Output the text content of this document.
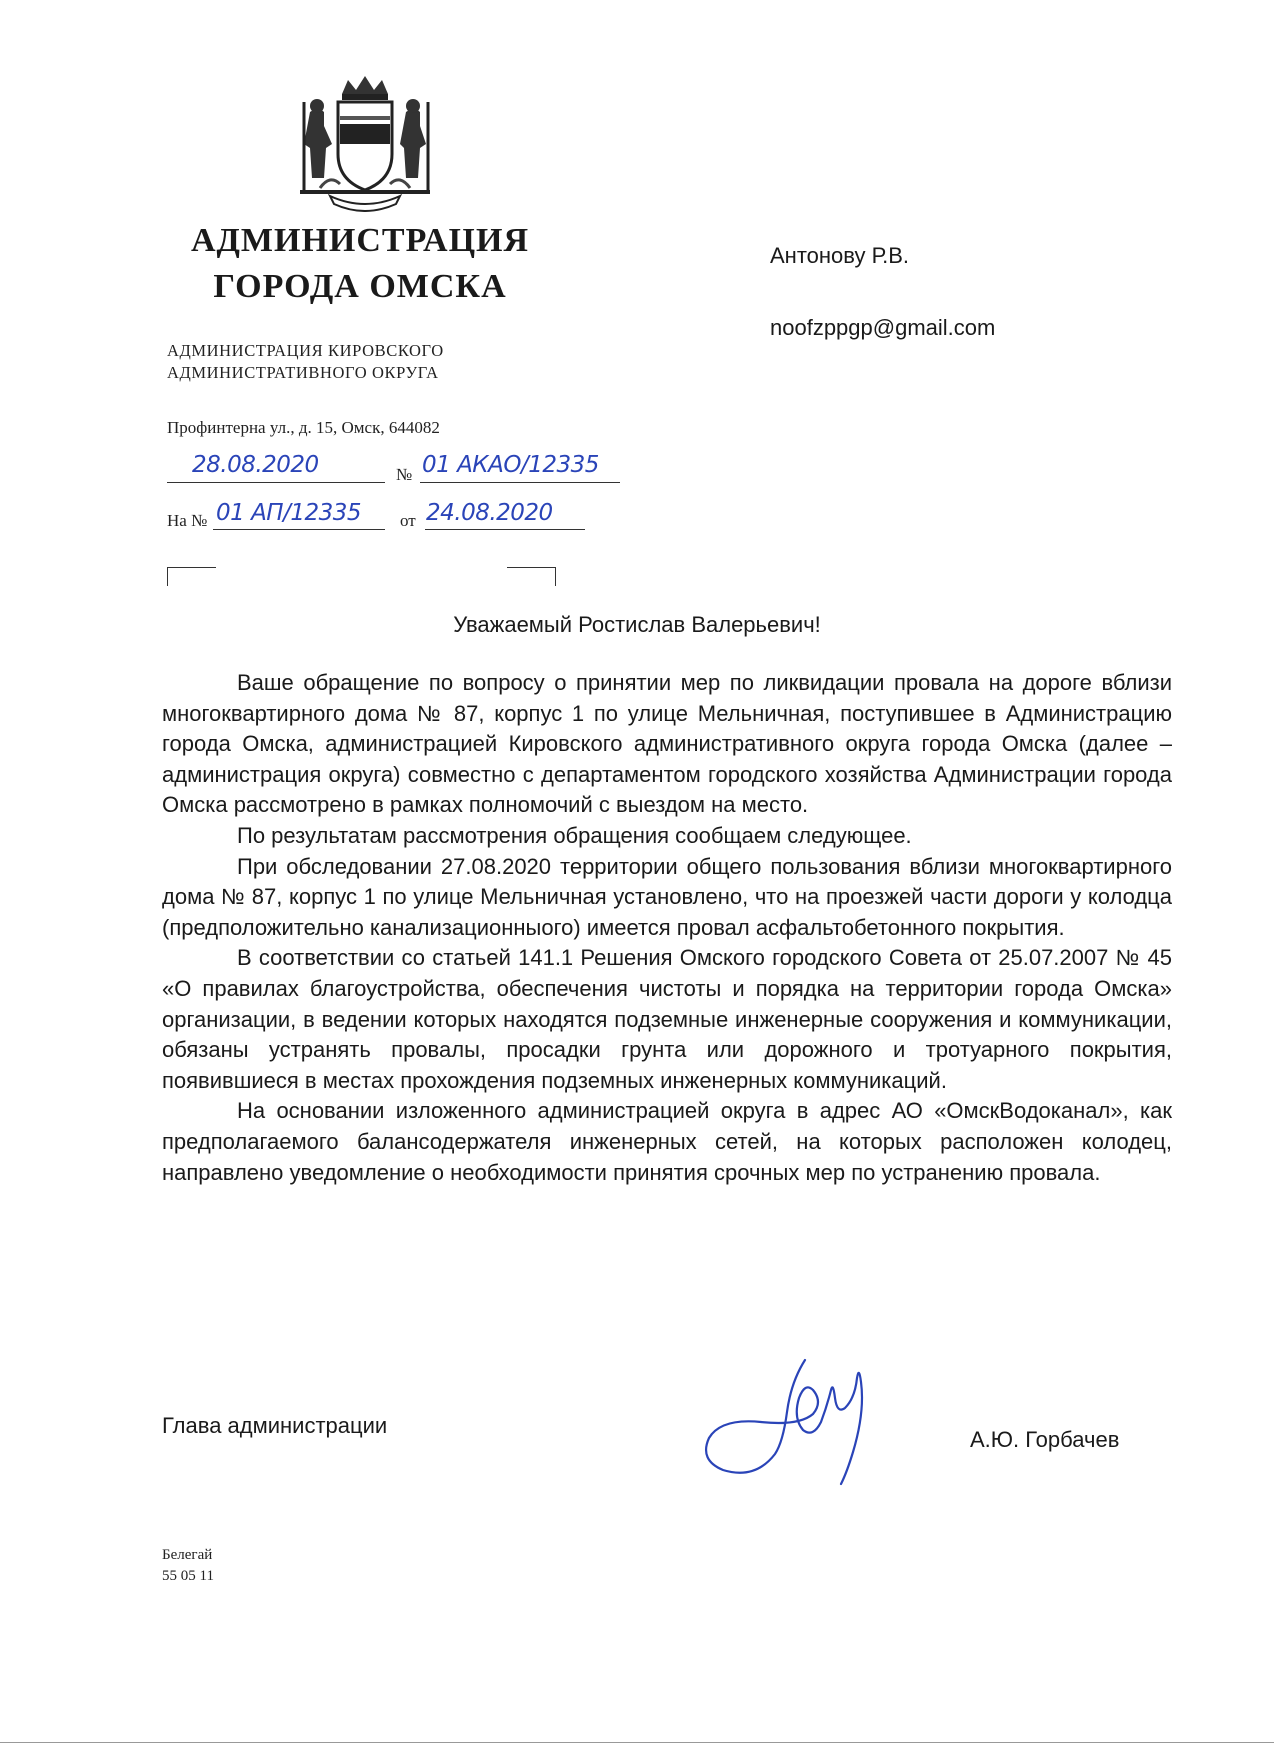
АДМИНИСТРАЦИЯ
ГОРОДА ОМСКА
АДМИНИСТРАЦИЯ КИРОВСКОГО
АДМИНИСТРАТИВНОГО ОКРУГА
Профинтерна ул., д. 15, Омск, 644082
28.08.2020	№ 01 АКАО/12335
На № 01 АП/12335 от 24.08.2020
Антонову Р.В.
noofzppgp@gmail.com
Уважаемый Ростислав Валерьевич!

Ваше обращение по вопросу о принятии мер по ликвидации провала на дороге вблизи многоквартирного дома № 87, корпус 1 по улице Мельничная, поступившее в Администрацию города Омска, администрацией Кировского административного округа города Омска (далее – администрация округа) совместно с департаментом городского хозяйства Администрации города Омска рассмотрено в рамках полномочий с выездом на место.

По результатам рассмотрения обращения сообщаем следующее.

При обследовании 27.08.2020 территории общего пользования вблизи многоквартирного дома № 87, корпус 1 по улице Мельничная установлено, что на проезжей части дороги у колодца (предположительно канализационныого) имеется провал асфальтобетонного покрытия.

В соответствии со статьей 141.1 Решения Омского городского Совета от 25.07.2007 № 45 «О правилах благоустройства, обеспечения чистоты и порядка на территории города Омска» организации, в ведении которых находятся подземные инженерные сооружения и коммуникации, обязаны устранять провалы, просадки грунта или дорожного и тротуарного покрытия, появившиеся в местах прохождения подземных инженерных коммуникаций.

На основании изложенного администрацией округа в адрес АО «ОмскВодоканал», как предполагаемого балансодержателя инженерных сетей, на которых расположен колодец, направлено уведомление о необходимости принятия срочных мер по устранению провала.

Глава администрации
А.Ю. Горбачев
Белегай
55 05 11
